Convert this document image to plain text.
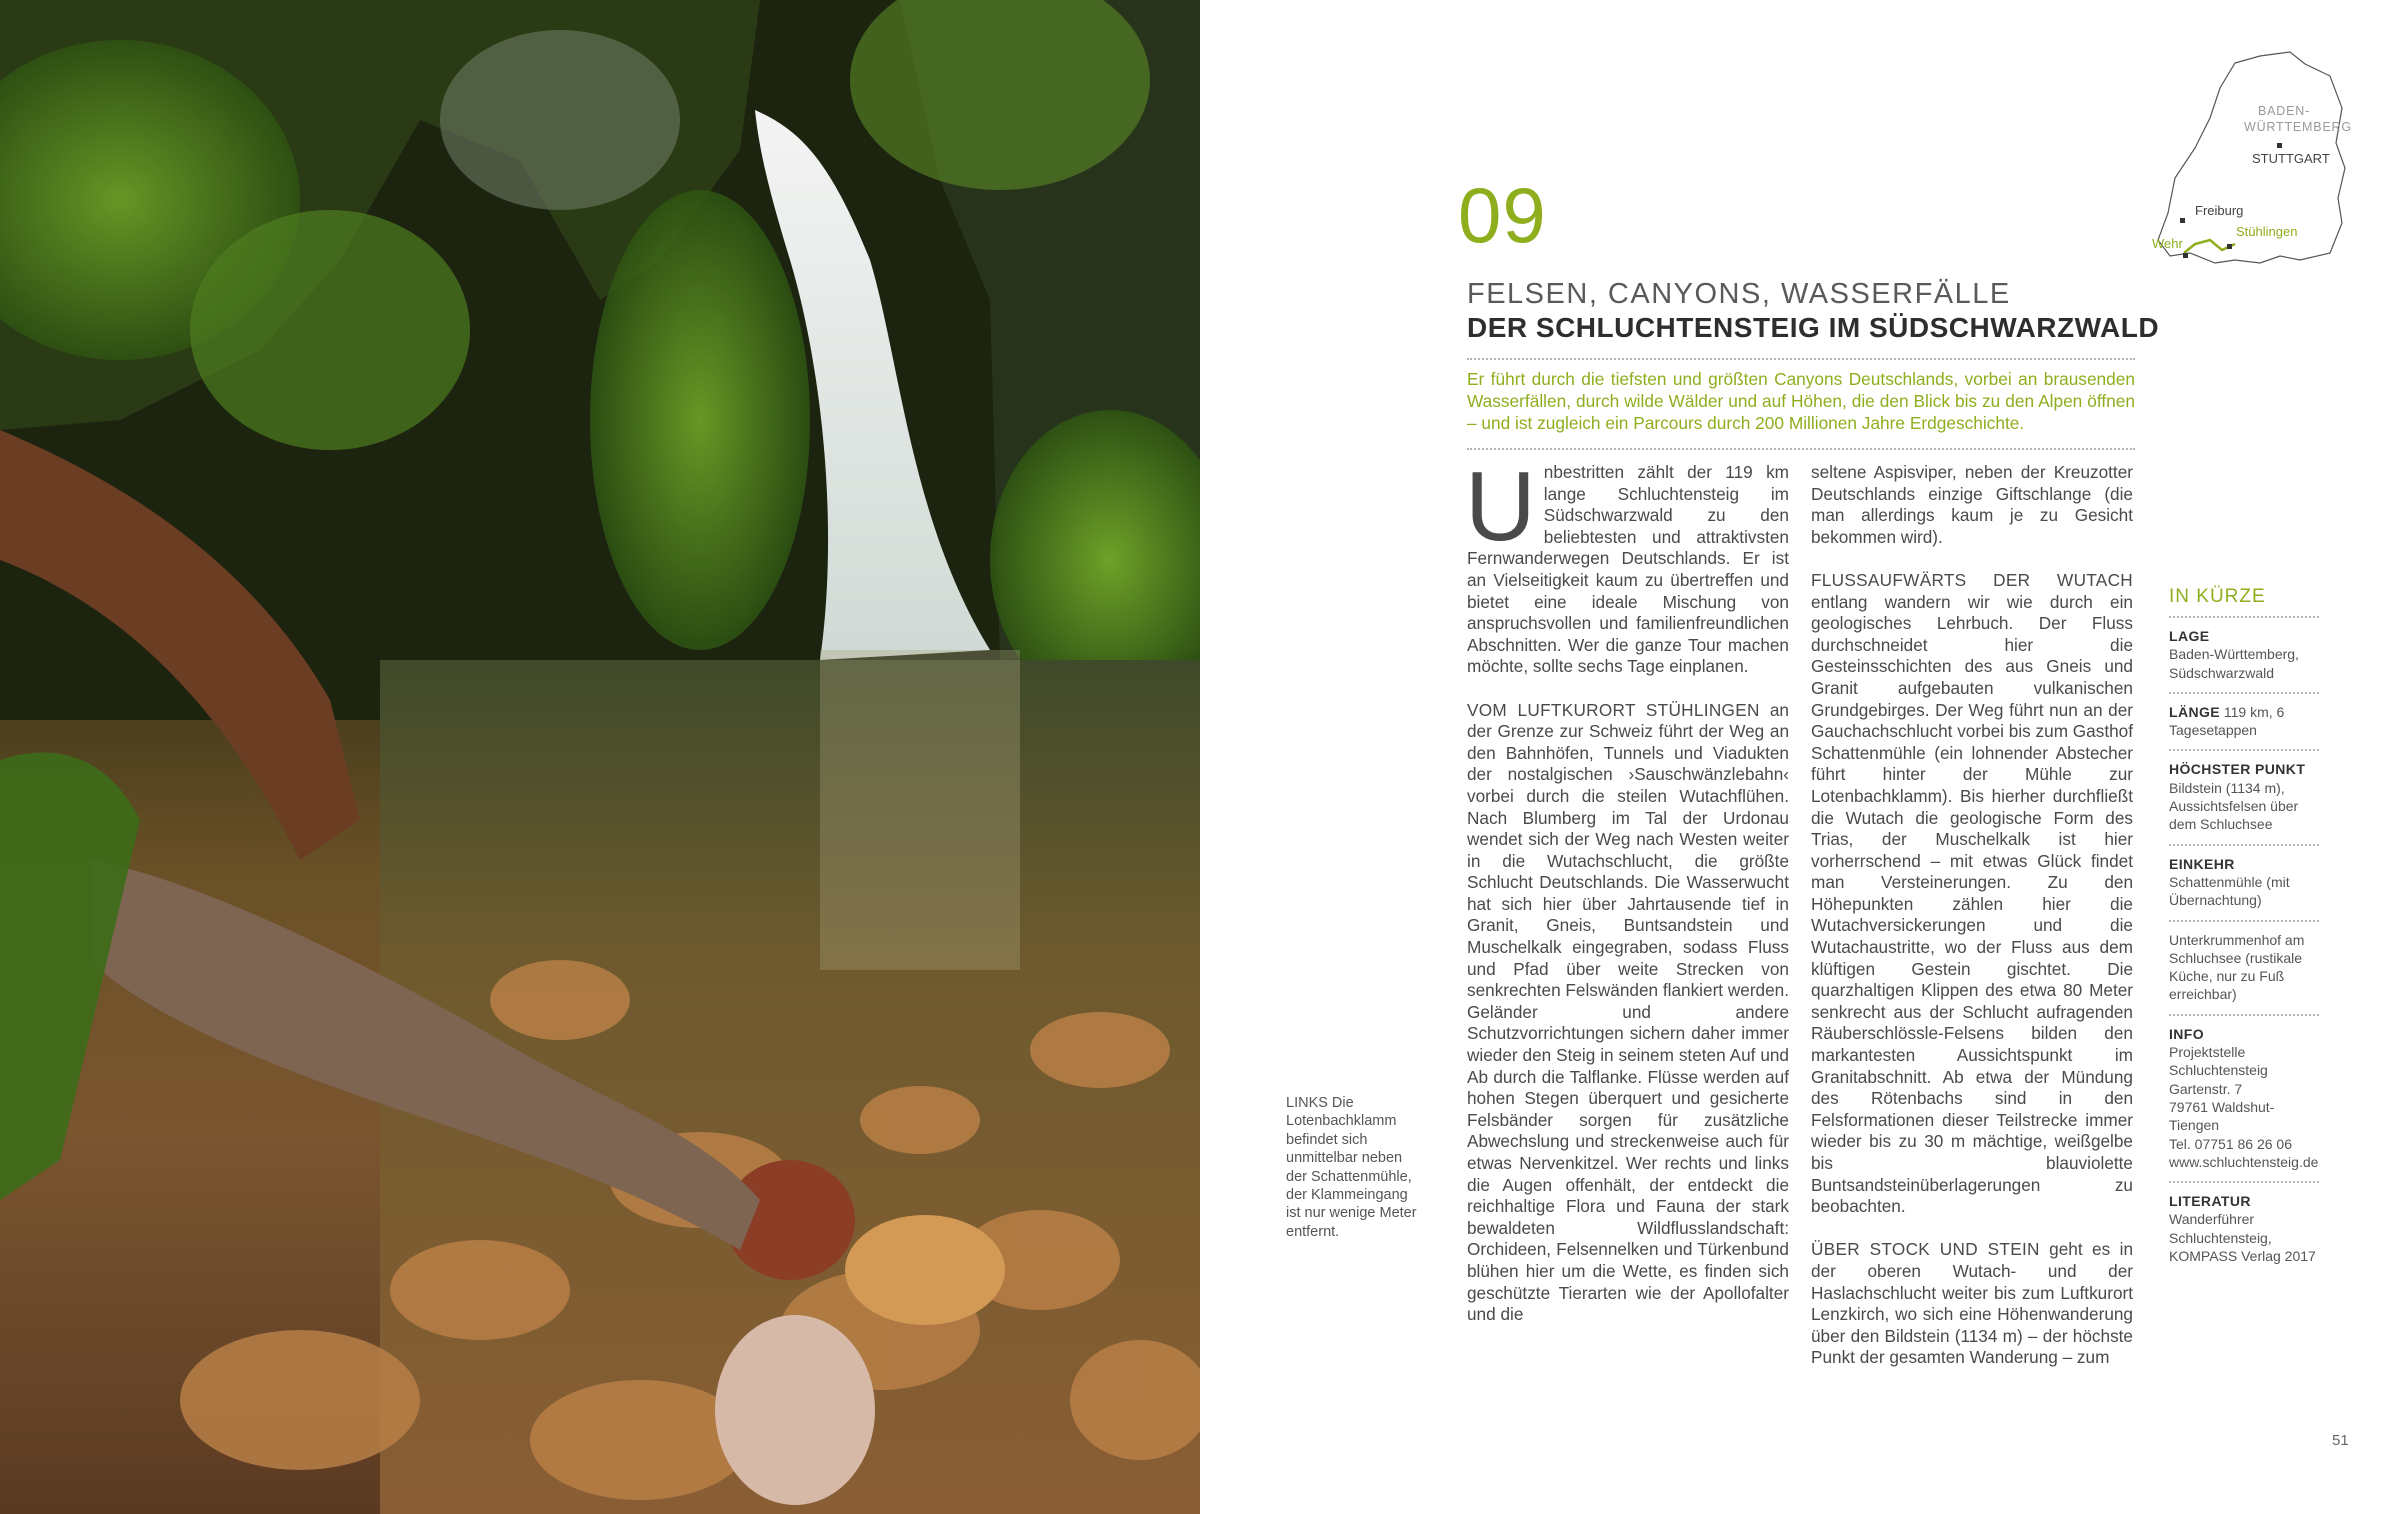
BADEN-
WÜRTTEMBERG
STUTTGART
Freiburg
Wehr
Stühlingen
09
FELSEN, CANYONS, WASSERFÄLLE
DER SCHLUCHTENSTEIG IM SÜDSCHWARZWALD
Er führt durch die tiefsten und größten Canyons Deutschlands, vorbei an brausenden Wasserfällen, durch wilde Wälder und auf Höhen, die den Blick bis zu den Alpen öffnen – und ist zugleich ein Parcours durch 200 Millionen Jahre Erdgeschichte.

Unbestritten zählt der 119 km lange Schluchtensteig im Südschwarzwald zu den beliebtesten und attraktivsten Fernwanderwegen Deutschlands. Er ist an Vielseitigkeit kaum zu übertreffen und bietet eine ideale Mischung von anspruchsvollen und familienfreundlichen Abschnitten. Wer die ganze Tour machen möchte, sollte sechs Tage einplanen.

VOM LUFTKURORT STÜHLINGEN an der Grenze zur Schweiz führt der Weg an den Bahnhöfen, Tunnels und Viadukten der nostalgischen ›Sauschwänzlebahn‹ vorbei durch die steilen Wutachflühen. Nach Blumberg im Tal der Urdonau wendet sich der Weg nach Westen weiter in die Wutachschlucht, die größte Schlucht Deutschlands. Die Wasserwucht hat sich hier über Jahrtausende tief in Granit, Gneis, Buntsandstein und Muschelkalk eingegraben, sodass Fluss und Pfad über weite Strecken von senkrechten Felswänden flankiert werden. Geländer und andere Schutzvorrichtungen sichern daher immer wieder den Steig in seinem steten Auf und Ab durch die Talflanke. Flüsse werden auf hohen Stegen überquert und gesicherte Felsbänder sorgen für zusätzliche Abwechslung und streckenweise auch für etwas Nervenkitzel. Wer rechts und links die Augen offenhält, der entdeckt die reichhaltige Flora und Fauna der stark bewaldeten Wildflusslandschaft: Orchideen, Felsennelken und Türkenbund blühen hier um die Wette, es finden sich geschützte Tierarten wie der Apollofalter und die

seltene Aspisviper, neben der Kreuzotter Deutschlands einzige Giftschlange (die man allerdings kaum je zu Gesicht bekommen wird).

FLUSSAUFWÄRTS DER WUTACH entlang wandern wir wie durch ein geologisches Lehrbuch. Der Fluss durchschneidet hier die Gesteinsschichten des aus Gneis und Granit aufgebauten vulkanischen Grundgebirges. Der Weg führt nun an der Gauchachschlucht vorbei bis zum Gasthof Schattenmühle (ein lohnender Abstecher führt hinter der Mühle zur Lotenbachklamm). Bis hierher durchfließt die Wutach die geologische Form des Trias, der Muschelkalk ist hier vorherrschend – mit etwas Glück findet man Versteinerungen. Zu den Höhepunkten zählen hier die Wutachversickerungen und die Wutachaustritte, wo der Fluss aus dem klüftigen Gestein gischtet. Die quarzhaltigen Klippen des etwa 80 Meter senkrecht aus der Schlucht aufragenden Räuberschlössle-Felsens bilden den markantesten Aussichtspunkt im Granitabschnitt. Ab etwa der Mündung des Rötenbachs sind in den Felsformationen dieser Teilstrecke immer wieder bis zu 30 m mächtige, weißgelbe bis blauviolette Buntsandsteinüberlagerungen zu beobachten.

ÜBER STOCK UND STEIN geht es in der oberen Wutach- und der Haslachschlucht weiter bis zum Luftkurort Lenzkirch, wo sich eine Höhenwanderung über den Bildstein (1134 m) – der höchste Punkt der gesamten Wanderung – zum

LINKS Die Lotenbachklamm befindet sich unmittelbar neben der Schattenmühle, der Klammeingang ist nur wenige Meter entfernt.
IN KÜRZE
LAGE
Baden-Württemberg, Südschwarzwald
LÄNGE 119 km, 6 Tagesetappen
HÖCHSTER PUNKT
Bildstein (1134 m), Aussichtsfelsen über dem Schluchsee
EINKEHR
Schattenmühle (mit Übernachtung)
Unterkrummenhof am Schluchsee (rustikale Küche, nur zu Fuß erreichbar)
INFO
Projektstelle
Schluchtensteig
Gartenstr. 7
79761 Waldshut-Tiengen
Tel. 07751 86 26 06
www.schluchtensteig.de
LITERATUR
Wanderführer
Schluchtensteig,
KOMPASS Verlag 2017
51
